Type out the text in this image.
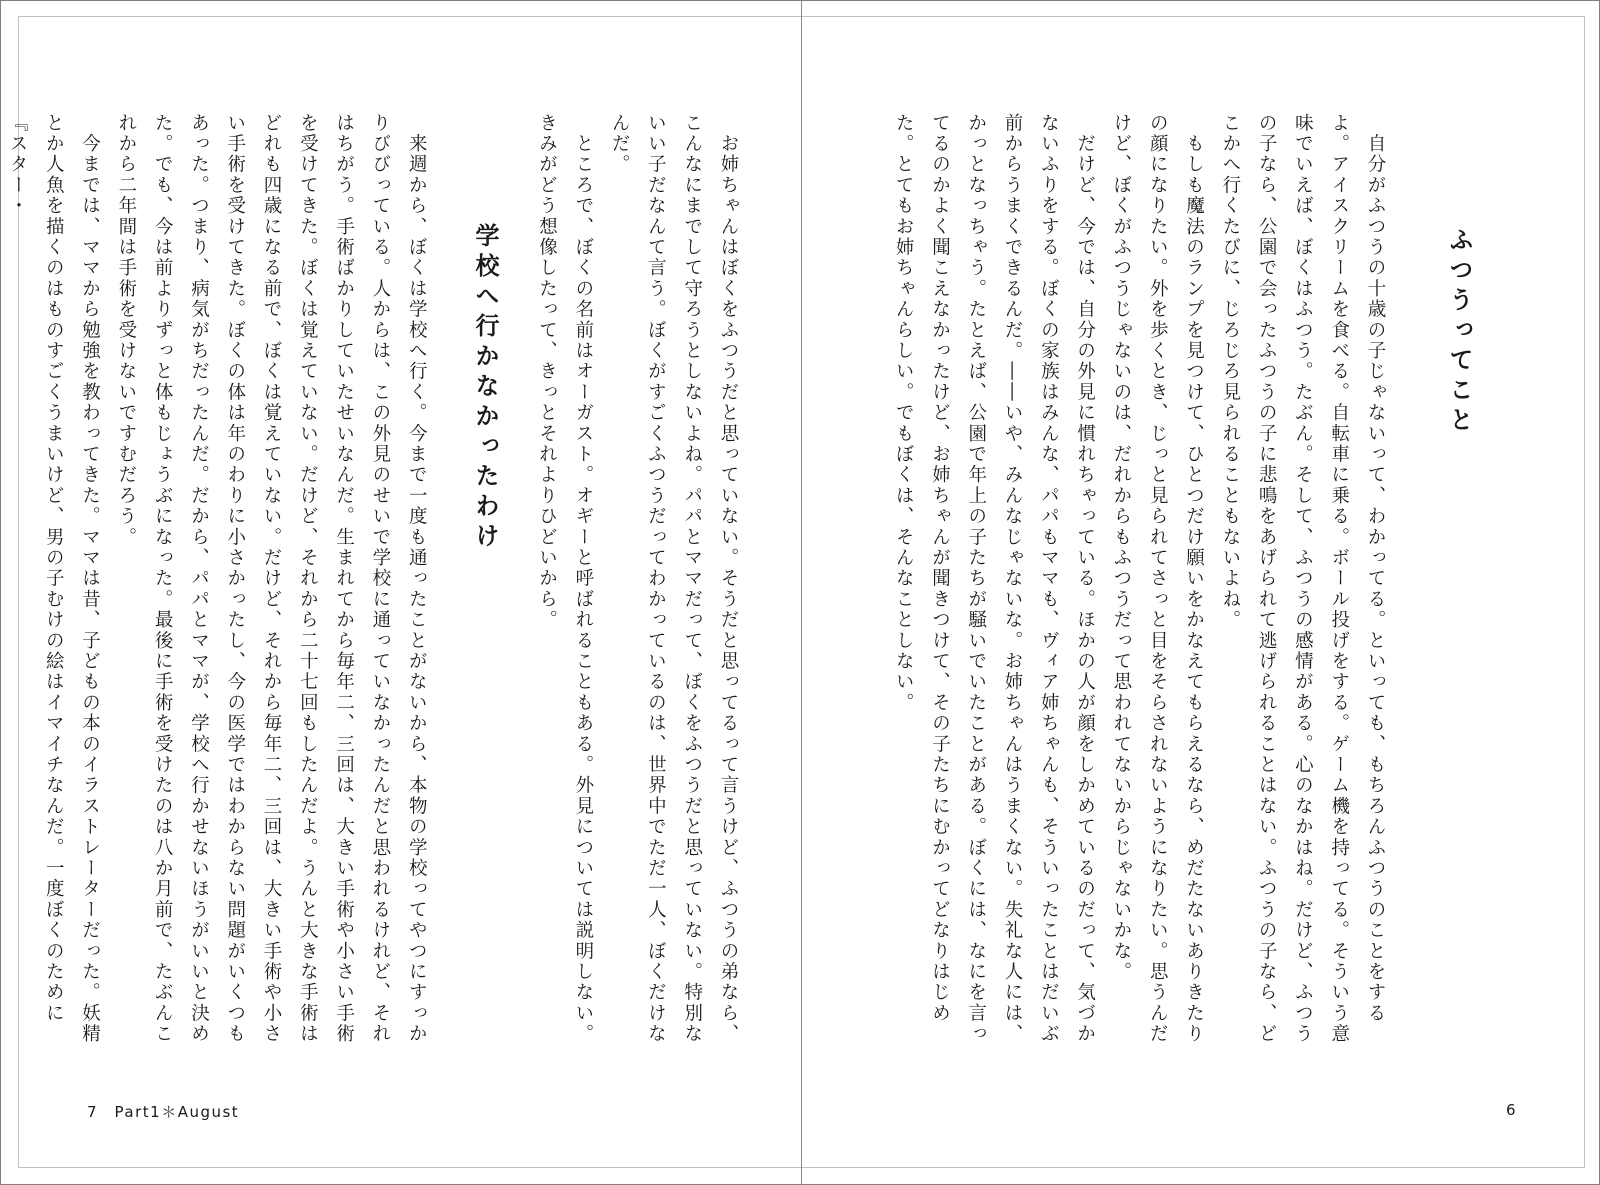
ふつうってこと
　自分がふつうの十歳の子じゃないって、わかってる。といっても、もちろんふつうのことをするよ。アイスクリームを食べる。自転車に乗る。ボール投げをする。ゲーム機を持ってる。そういう意味でいえば、ぼくはふつう。たぶん。そして、ふつうの感情がある。心のなかはね。だけど、ふつうの子なら、公園で会ったふつうの子に悲鳴をあげられて逃げられることはない。ふつうの子なら、どこかへ行くたびに、じろじろ見られることもないよね。
　もしも魔法のランプを見つけて、ひとつだけ願いをかなえてもらえるなら、めだたないありきたりの顔になりたい。外を歩くとき、じっと見られてさっと目をそらされないようになりたい。思うんだけど、ぼくがふつうじゃないのは、だれからもふつうだって思われてないからじゃないかな。
　だけど、今では、自分の外見に慣れちゃっている。ほかの人が顔をしかめているのだって、気づかないふりをする。ぼくの家族はみんな、パパもママも、ヴィア姉ちゃんも、そういったことはだいぶ前からうまくできるんだ。――いや、みんなじゃないな。お姉ちゃんはうまくない。失礼な人には、かっとなっちゃう。たとえば、公園で年上の子たちが騒いでいたことがある。ぼくには、なにを言ってるのかよく聞こえなかったけど、お姉ちゃんが聞きつけて、その子たちにむかってどなりはじめた。とてもお姉ちゃんらしい。でもぼくは、そんなことしない。
6
　お姉ちゃんはぼくをふつうだと思っていない。そうだと思ってるって言うけど、ふつうの弟なら、こんなにまでして守ろうとしないよね。パパとママだって、ぼくをふつうだと思っていない。特別ないい子だなんて言う。ぼくがすごくふつうだってわかっているのは、世界中でただ一人、ぼくだけなんだ。
　ところで、ぼくの名前はオーガスト。オギーと呼ばれることもある。外見については説明しない。きみがどう想像したって、きっとそれよりひどいから。

　来週から、ぼくは学校へ行く。今まで一度も通ったことがないから、本物の学校ってやつにすっかりびびっている。人からは、この外見のせいで学校に通っていなかったんだと思われるけれど、それはちがう。手術ばかりしていたせいなんだ。生まれてから毎年二、三回は、大きい手術や小さい手術を受けてきた。ぼくは覚えていない。だけど、それから二十七回もしたんだよ。うんと大きな手術はどれも四歳になる前で、ぼくは覚えていない。だけど、それから毎年二、三回は、大きい手術や小さい手術を受けてきた。ぼくの体は年のわりに小さかったし、今の医学ではわからない問題がいくつもあった。つまり、病気がちだったんだ。だから、パパとママが、学校へ行かせないほうがいいと決めた。でも、今は前よりずっと体もじょうぶになった。最後に手術を受けたのは八か月前で、たぶんこれから二年間は手術を受けないですむだろう。
　今までは、ママから勉強を教わってきた。ママは昔、子どもの本のイラストレーターだった。妖精とか人魚を描くのはものすごくうまいけど、男の子むけの絵はイマイチなんだ。一度ぼくのために『スター・
学校へ行かなかったわけ
7　Part1＊August
